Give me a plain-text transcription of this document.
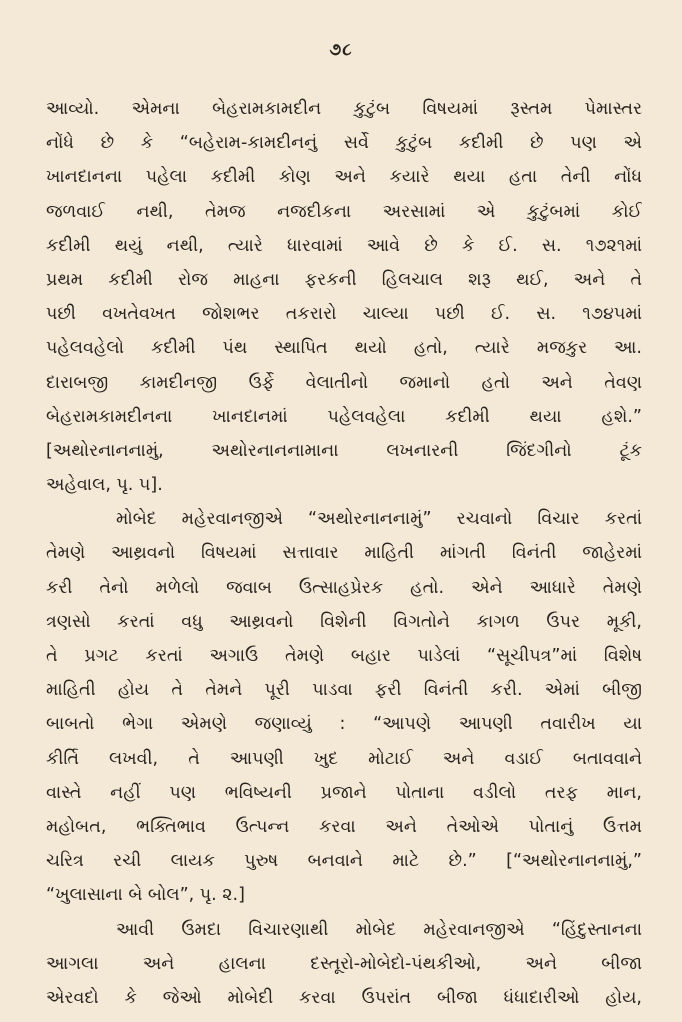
૭૮
આવ્યો. એમના બેહરામકામદીન કુટુંબ વિષયમાં રૂસ્તમ પેમાસ્તર
નોંધે છે કે “બહેરામ-કામદીનનું સર્વે કુટુંબ કદીમી છે પણ એ
ખાનદાનના પહેલા કદીમી કોણ અને કયારે થયા હતા તેની નોંધ
જળવાઈ નથી, તેમજ નજદીકના અરસામાં એ કુટુંબમાં કોઈ
કદીમી થયું નથી, ત્યારે ધારવામાં આવે છે કે ઈ. સ. ૧૭૨૧માં
પ્રથમ કદીમી રોજ માહના ફરકની હિલચાલ શરૂ થઈ, અને તે
પછી વખતેવખત જોશભર તકરારો ચાલ્યા પછી ઈ. સ. ૧૭૪૫માં
પહેલવહેલો કદીમી પંથ સ્થાપિત થયો હતો, ત્યારે મજકુર આ.
દારાબજી કામદીનજી ઉર્ફે વેલાતીનો જમાનો હતો અને તેવણ
બેહરામકામદીનના ખાનદાનમાં પહેલવહેલા કદીમી થયા હશે.”
[અથોરનાનનામું, અથોરનાનનામાના લખનારની જિંદગીનો ટૂંક
અહેવાલ, પૃ. ૫].
મોબેદ મહેરવાનજીએ “અથોરનાનનામું” રચવાનો વિચાર કરતાં
તેમણે આથ્રવનો વિષયમાં સત્તાવાર માહિતી માંગતી વિનંતી જાહેરમાં
કરી તેનો મળેલો જવાબ ઉત્સાહપ્રેરક હતો. એને આધારે તેમણે
ત્રણસો કરતાં વધુ આથ્રવનો વિશેની વિગતોને કાગળ ઉપર મૂકી,
તે પ્રગટ કરતાં અગાઉ તેમણે બહાર પાડેલાં “સૂચીપત્ર”માં વિશેષ
માહિતી હોય તે તેમને પૂરી પાડવા ફરી વિનંતી કરી. એમાં બીજી
બાબતો ભેગા એમણે જણાવ્યું : “આપણે આપણી તવારીખ યા
કીર્તિ લખવી, તે આપણી ખુદ મોટાઈ અને વડાઈ બતાવવાને
વાસ્તે નહીં પણ ભવિષ્યની પ્રજાને પોતાના વડીલો તરફ માન,
મહોબત, ભક્તિભાવ ઉત્પન્ન કરવા અને તેઓએ પોતાનું ઉત્તમ
ચરિત્ર રચી લાયક પુરુષ બનવાને માટે છે.” [“અથોરનાનનામું,”
“ખુલાસાના બે બોલ”, પૃ. ૨.]
આવી ઉમદા વિચારણાથી મોબેદ મહેરવાનજીએ “હિંદુસ્તાનના
આગલા અને હાલના દસ્તૂરો-મોબેદો-પંથકીઓ, અને બીજા
એરવદો કે જેઓ મોબેદી કરવા ઉપરાંત બીજા ધંધાદારીઓ હોય,
